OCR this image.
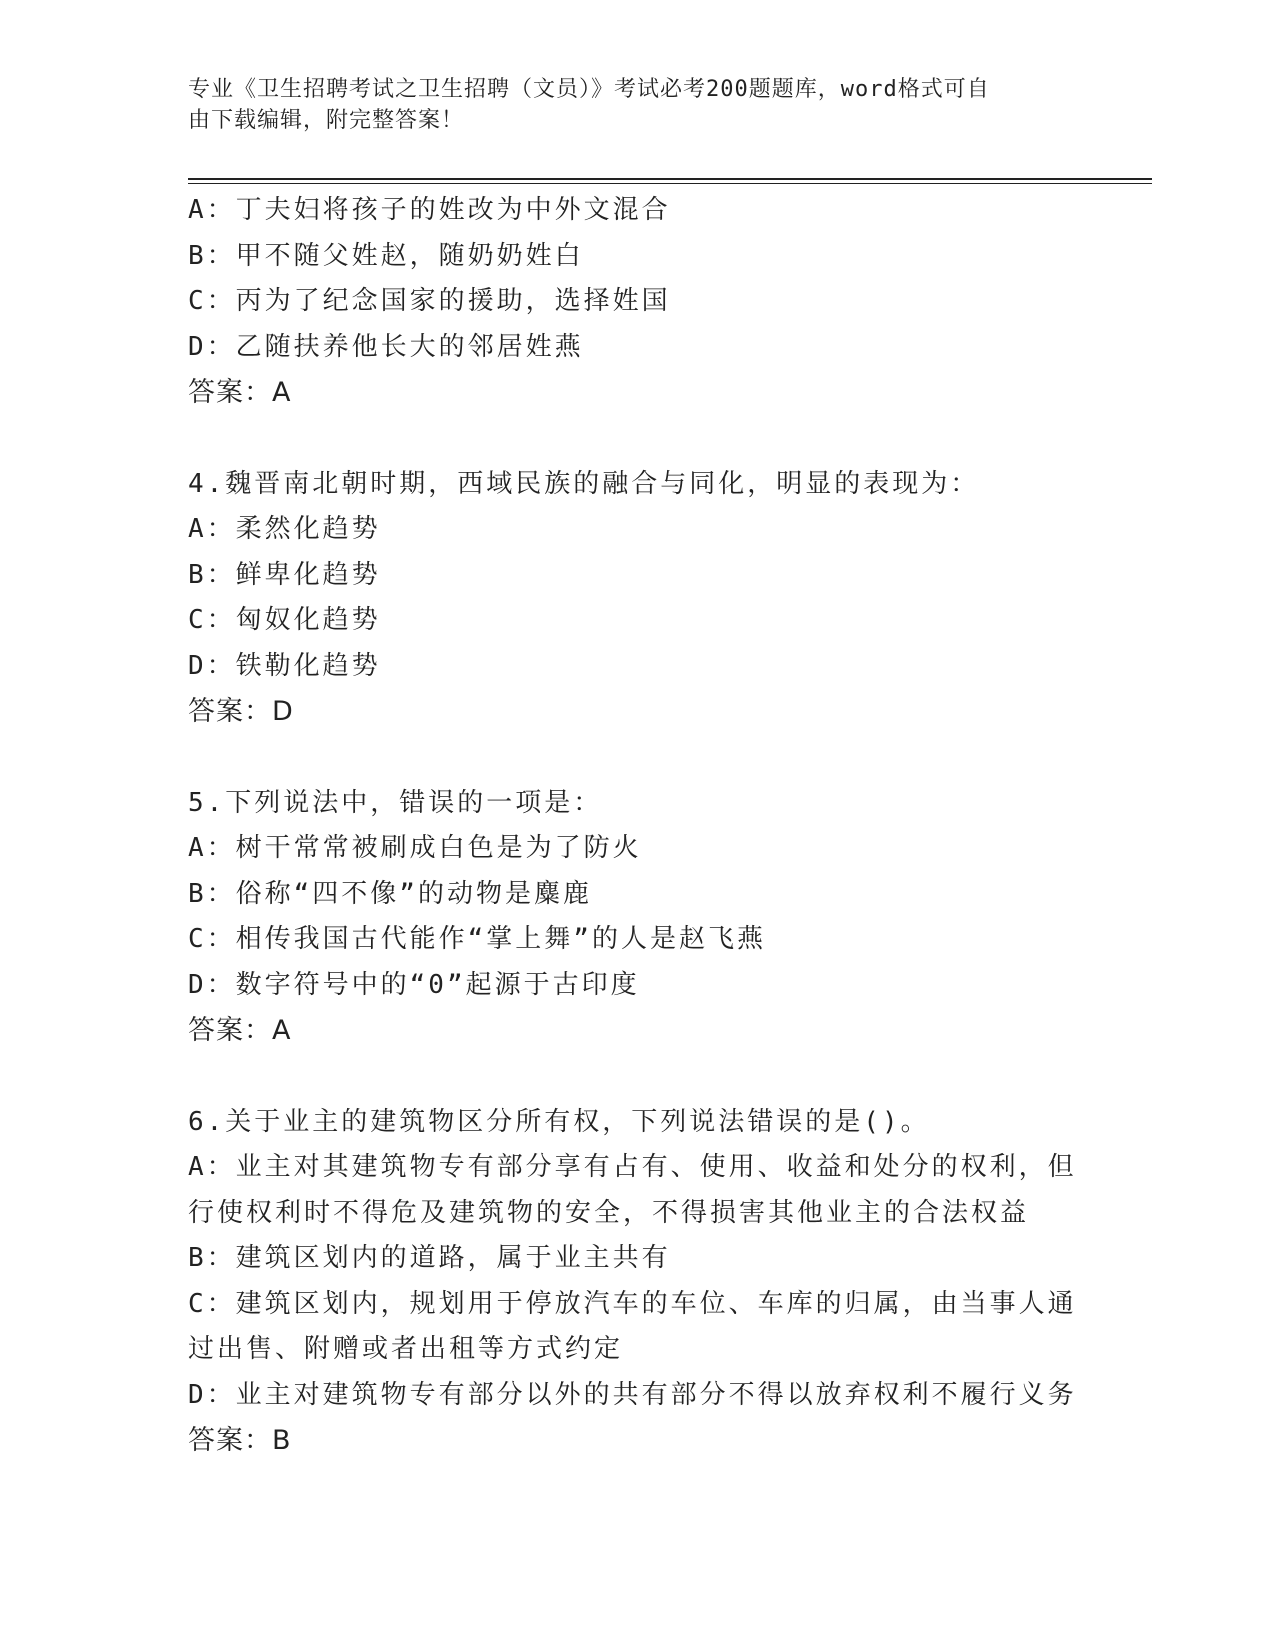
专业《卫生招聘考试之卫生招聘（文员）》考试必考200题题库，word格式可自
由下载编辑，附完整答案！
A：丁夫妇将孩子的姓改为中外文混合
B：甲不随父姓赵，随奶奶姓白
C：丙为了纪念国家的援助，选择姓国
D：乙随扶养他长大的邻居姓燕
答案：A
4.魏晋南北朝时期，西域民族的融合与同化，明显的表现为：
A：柔然化趋势
B：鲜卑化趋势
C：匈奴化趋势
D：铁勒化趋势
答案：D
5.下列说法中，错误的一项是：
A：树干常常被刷成白色是为了防火
B：俗称“四不像”的动物是麋鹿
C：相传我国古代能作“掌上舞”的人是赵飞燕
D：数字符号中的“0”起源于古印度
答案：A
6.关于业主的建筑物区分所有权，下列说法错误的是()。
A：业主对其建筑物专有部分享有占有、使用、收益和处分的权利，但行使权利时不得危及建筑物的安全，不得损害其他业主的合法权益
B：建筑区划内的道路，属于业主共有
C：建筑区划内，规划用于停放汽车的车位、车库的归属，由当事人通过出售、附赠或者出租等方式约定
D：业主对建筑物专有部分以外的共有部分不得以放弃权利不履行义务
答案：B
